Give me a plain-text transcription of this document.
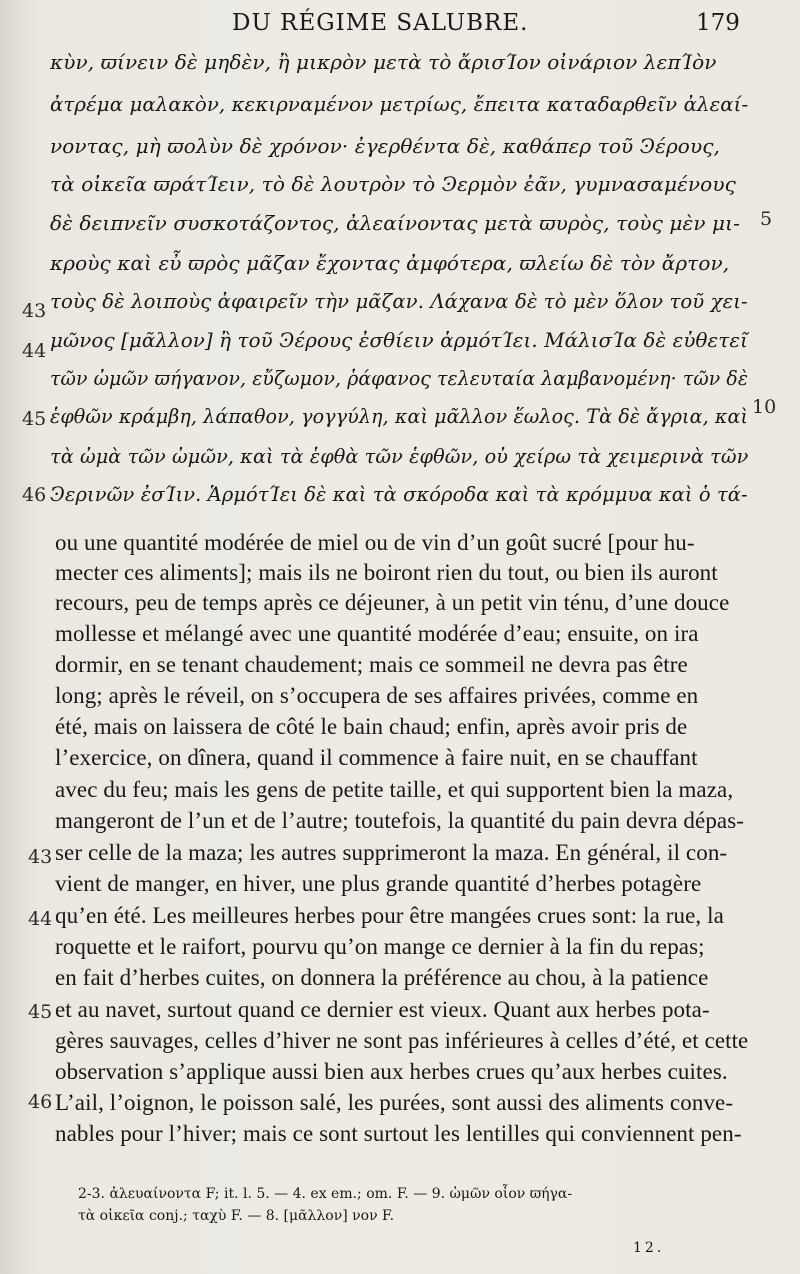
DU RÉGIME SALUBRE.	179
κὺν, ϖίνειν δὲ μηδὲν, ἢ μικρὸν μετὰ τὸ ἄρισΊον οἰνάριον λεπΊὸν
ἀτρέμα μαλακὸν, κεκιρναμένον μετρίως, ἔπειτα καταδαρθεῖν ἀλεαί-
νοντας, μὴ ϖολὺν δὲ χρόνον· ἐγερθέντα δὲ, καθάπερ τοῦ Ͽέρους,
τὰ οἰκεῖα ϖράτΊειν, τὸ δὲ λουτρὸν τὸ Ͽερμὸν ἐᾶν, γυμνασαμένους
δὲ δειπνεῖν συσκοτάζοντος, ἀλεαίνοντας μετὰ ϖυρὸς, τοὺς μὲν μι-
κροὺς καὶ εὖ ϖρὸς μᾶζαν ἔχοντας ἀμφότερα, ϖλείω δὲ τὸν ἄρτον,
τοὺς δὲ λοιποὺς ἀφαιρεῖν τὴν μᾶζαν. Λάχανα δὲ τὸ μὲν ὅλον τοῦ χει-
μῶνος [μᾶλλον] ἢ τοῦ Ͽέρους ἐσθίειν ἁρμότΊει. ΜάλισΊα δὲ εὐθετεῖ
τῶν ὠμῶν ϖήγανον, εὔζωμον, ῥάφανος τελευταία λαμβανομένη· τῶν δὲ
ἑφθῶν κράμβη, λάπαθον, γογγύλη, καὶ μᾶλλον ἕωλος. Τὰ δὲ ἄγρια, καὶ
τὰ ὠμὰ τῶν ὠμῶν, καὶ τὰ ἑφθὰ τῶν ἑφθῶν, οὐ χείρω τὰ χειμερινὰ τῶν
Ͽερινῶν ἐσΊιν. ἉρμότΊει δὲ καὶ τὰ σκόροδα καὶ τὰ κρόμμυα καὶ ὁ τά-
43
44
45
46
5
10
ou une quantité modérée de miel ou de vin d’un goût sucré [pour hu-
mecter ces aliments]; mais ils ne boiront rien du tout, ou bien ils auront
recours, peu de temps après ce déjeuner, à un petit vin ténu, d’une douce
mollesse et mélangé avec une quantité modérée d’eau; ensuite, on ira
dormir, en se tenant chaudement; mais ce sommeil ne devra pas être
long; après le réveil, on s’occupera de ses affaires privées, comme en
été, mais on laissera de côté le bain chaud; enfin, après avoir pris de
l’exercice, on dînera, quand il commence à faire nuit, en se chauffant
avec du feu; mais les gens de petite taille, et qui supportent bien la maza,
mangeront de l’un et de l’autre; toutefois, la quantité du pain devra dépas-
ser celle de la maza; les autres supprimeront la maza. En général, il con-
vient de manger, en hiver, une plus grande quantité d’herbes potagère
qu’en été. Les meilleures herbes pour être mangées crues sont: la rue, la
roquette et le raifort, pourvu qu’on mange ce dernier à la fin du repas;
en fait d’herbes cuites, on donnera la préférence au chou, à la patience
et au navet, surtout quand ce dernier est vieux. Quant aux herbes pota-
gères sauvages, celles d’hiver ne sont pas inférieures à celles d’été, et cette
observation s’applique aussi bien aux herbes crues qu’aux herbes cuites.
L’ail, l’oignon, le poisson salé, les purées, sont aussi des aliments conve-
nables pour l’hiver; mais ce sont surtout les lentilles qui conviennent pen-
43
44
45
46
2-3. ἀλευαίνοντα F; it. l. 5. — 4. ex em.; om. F. — 9. ὠμῶν οἷον ϖήγα-
τὰ οἰκεῖα conj.; ταχὺ F. — 8. [μᾶλλον] νον F.
12.
